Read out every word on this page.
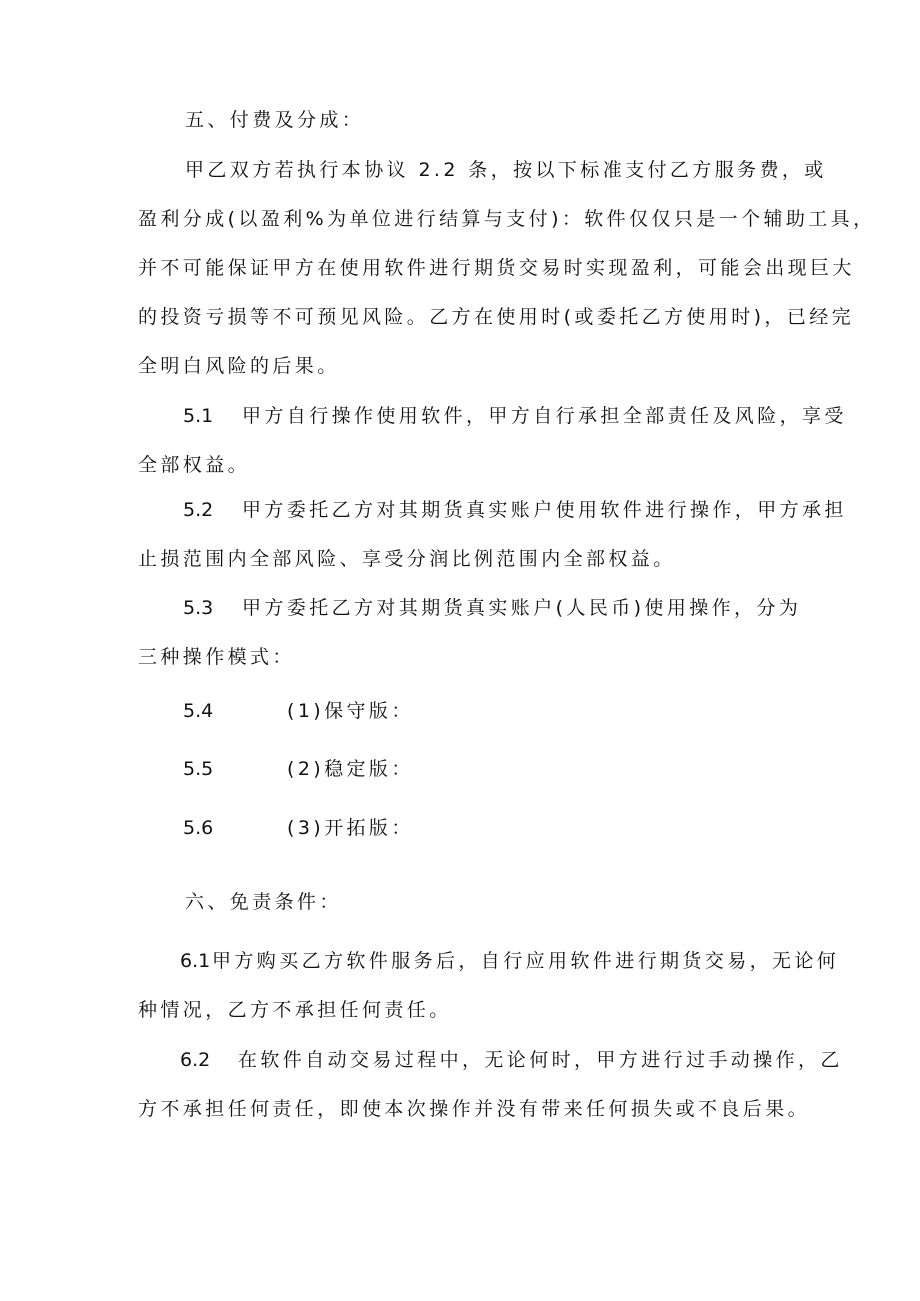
五、付费及分成：
甲乙双方若执行本协议 2.2 条，按以下标准支付乙方服务费，或
盈利分成(以盈利%为单位进行结算与支付)：软件仅仅只是一个辅助工具，
并不可能保证甲方在使用软件进行期货交易时实现盈利，可能会出现巨大
的投资亏损等不可预见风险。乙方在使用时(或委托乙方使用时)，已经完
全明白风险的后果。
5.1 甲方自行操作使用软件，甲方自行承担全部责任及风险，享受
全部权益。
5.2 甲方委托乙方对其期货真实账户使用软件进行操作，甲方承担
止损范围内全部风险、享受分润比例范围内全部权益。
5.3 甲方委托乙方对其期货真实账户(人民币)使用操作，分为
三种操作模式：
5.4	(1)保守版：
5.5	(2)稳定版：
5.6	(3)开拓版：
六、免责条件：
6.1 甲方购买乙方软件服务后，自行应用软件进行期货交易，无论何
种情况，乙方不承担任何责任。
6.2 在软件自动交易过程中，无论何时，甲方进行过手动操作，乙
方不承担任何责任，即使本次操作并没有带来任何损失或不良后果。
